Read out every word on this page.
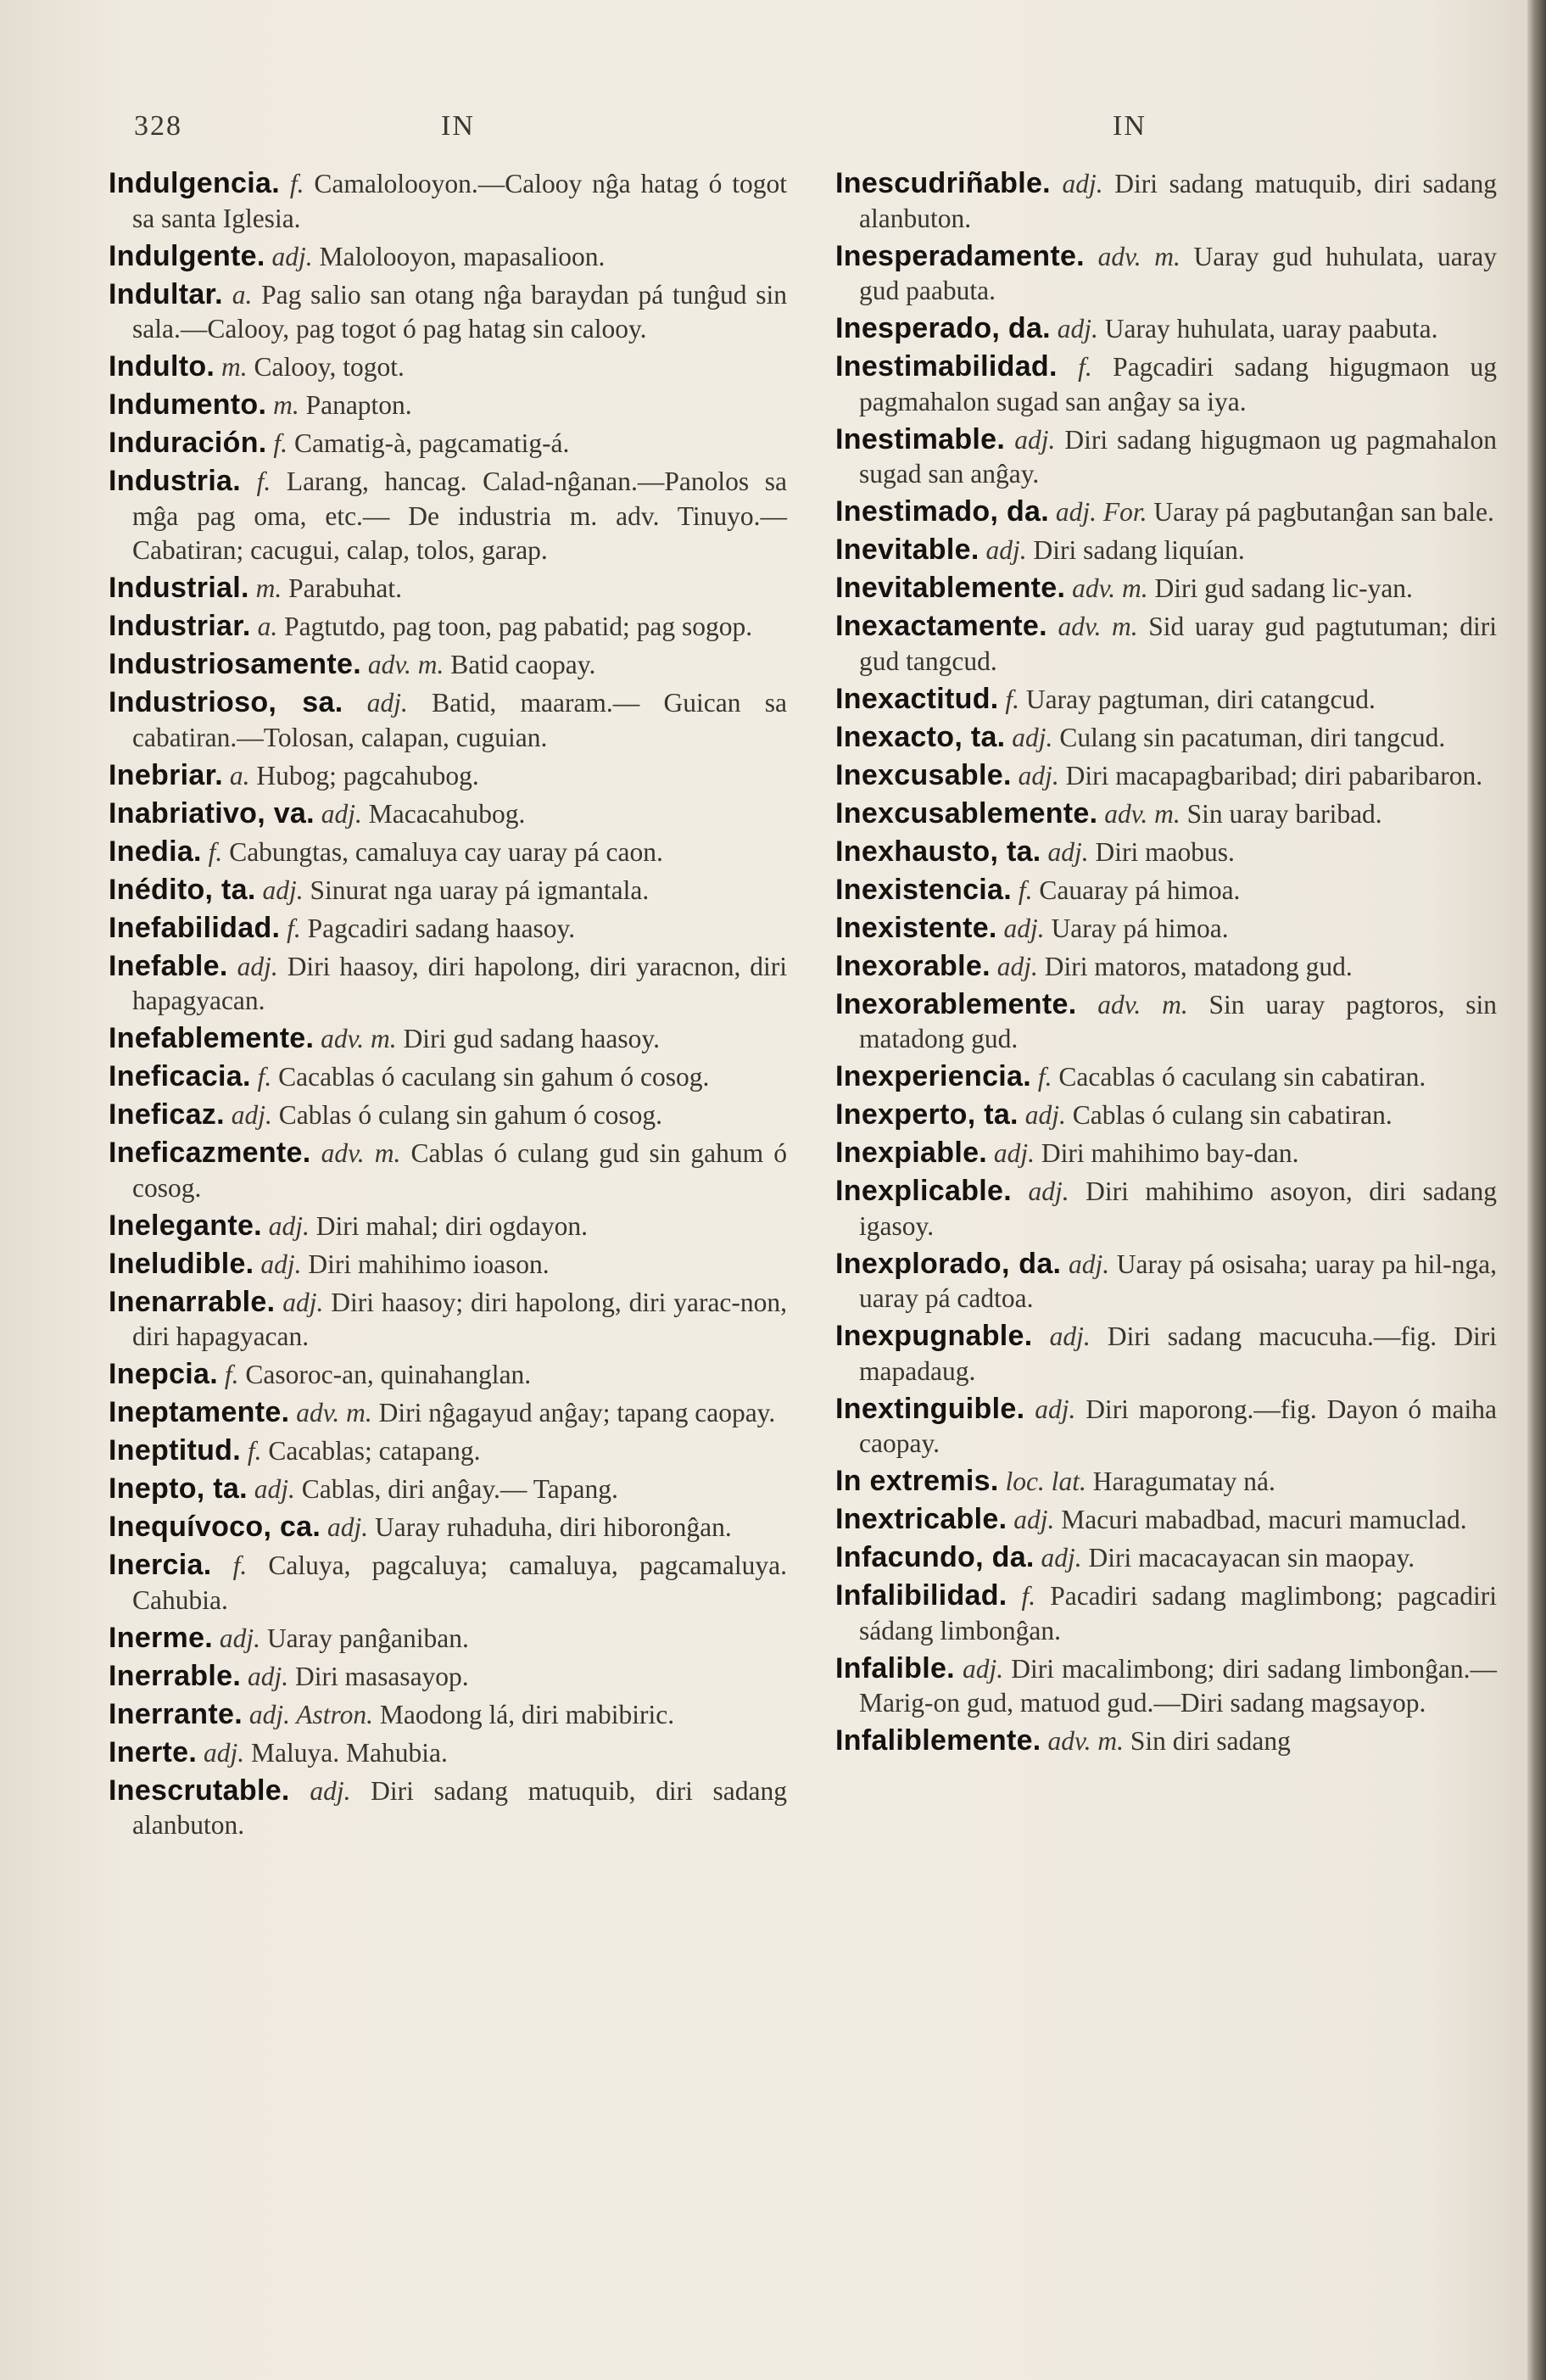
328	IN	IN

Indulgencia. f. Camalolooyon.—Calooy nĝa hatag ó togot sa santa Iglesia.

Indulgente. adj. Malolooyon, mapasalioon.

Indultar. a. Pag salio san otang nĝa baraydan pá tunĝud sin sala.—Calooy, pag togot ó pag hatag sin calooy.

Indulto. m. Calooy, togot.

Indumento. m. Panapton.

Induración. f. Camatig-à, pagcamatig-á.

Industria. f. Larang, hancag. Calad-nĝanan.—Panolos sa mĝa pag oma, etc.— De industria m. adv. Tinuyo.—Cabatiran; cacugui, calap, tolos, garap.

Industrial. m. Parabuhat.

Industriar. a. Pagtutdo, pag toon, pag pabatid; pag sogop.

Industriosamente. adv. m. Batid caopay.

Industrioso, sa. adj. Batid, maaram.— Guican sa cabatiran.—Tolosan, calapan, cuguian.

Inebriar. a. Hubog; pagcahubog.

Inabriativo, va. adj. Macacahubog.

Inedia. f. Cabungtas, camaluya cay uaray pá caon.

Inédito, ta. adj. Sinurat nga uaray pá igmantala.

Inefabilidad. f. Pagcadiri sadang haasoy.

Inefable. adj. Diri haasoy, diri hapolong, diri yaracnon, diri hapagyacan.

Inefablemente. adv. m. Diri gud sadang haasoy.

Ineficacia. f. Cacablas ó caculang sin gahum ó cosog.

Ineficaz. adj. Cablas ó culang sin gahum ó cosog.

Ineficazmente. adv. m. Cablas ó culang gud sin gahum ó cosog.

Inelegante. adj. Diri mahal; diri ogdayon.

Ineludible. adj. Diri mahihimo ioason.

Inenarrable. adj. Diri haasoy; diri hapolong, diri yarac-non, diri hapagyacan.

Inepcia. f. Casoroc-an, quinahanglan.

Ineptamente. adv. m. Diri nĝagayud anĝay; tapang caopay.

Ineptitud. f. Cacablas; catapang.

Inepto, ta. adj. Cablas, diri anĝay.— Tapang.

Inequívoco, ca. adj. Uaray ruhaduha, diri hiboronĝan.

Inercia. f. Caluya, pagcaluya; camaluya, pagcamaluya. Cahubia.

Inerme. adj. Uaray panĝaniban.

Inerrable. adj. Diri masasayop.

Inerrante. adj. Astron. Maodong lá, diri mabibiric.

Inerte. adj. Maluya. Mahubia.

Inescrutable. adj. Diri sadang matuquib, diri sadang alanbuton.

Inescudriñable. adj. Diri sadang matuquib, diri sadang alanbuton.

Inesperadamente. adv. m. Uaray gud huhulata, uaray gud paabuta.

Inesperado, da. adj. Uaray huhulata, uaray paabuta.

Inestimabilidad. f. Pagcadiri sadang higugmaon ug pagmahalon sugad san anĝay sa iya.

Inestimable. adj. Diri sadang higugmaon ug pagmahalon sugad san anĝay.

Inestimado, da. adj. For. Uaray pá pagbutanĝan san bale.

Inevitable. adj. Diri sadang liquían.

Inevitablemente. adv. m. Diri gud sadang lic-yan.

Inexactamente. adv. m. Sid uaray gud pagtutuman; diri gud tangcud.

Inexactitud. f. Uaray pagtuman, diri catangcud.

Inexacto, ta. adj. Culang sin pacatuman, diri tangcud.

Inexcusable. adj. Diri macapagbaribad; diri pabaribaron.

Inexcusablemente. adv. m. Sin uaray baribad.

Inexhausto, ta. adj. Diri maobus.

Inexistencia. f. Cauaray pá himoa.

Inexistente. adj. Uaray pá himoa.

Inexorable. adj. Diri matoros, matadong gud.

Inexorablemente. adv. m. Sin uaray pagtoros, sin matadong gud.

Inexperiencia. f. Cacablas ó caculang sin cabatiran.

Inexperto, ta. adj. Cablas ó culang sin cabatiran.

Inexpiable. adj. Diri mahihimo bay-dan.

Inexplicable. adj. Diri mahihimo asoyon, diri sadang igasoy.

Inexplorado, da. adj. Uaray pá osisaha; uaray pa hil-nga, uaray pá cadtoa.

Inexpugnable. adj. Diri sadang macucuha.—fig. Diri mapadaug.

Inextinguible. adj. Diri maporong.—fig. Dayon ó maiha caopay.

In extremis. loc. lat. Haragumatay ná.

Inextricable. adj. Macuri mabadbad, macuri mamuclad.

Infacundo, da. adj. Diri macacayacan sin maopay.

Infalibilidad. f. Pacadiri sadang maglimbong; pagcadiri sádang limbonĝan.

Infalible. adj. Diri macalimbong; diri sadang limbonĝan.—Marig-on gud, matuod gud.—Diri sadang magsayop.

Infaliblemente. adv. m. Sin diri sadang
